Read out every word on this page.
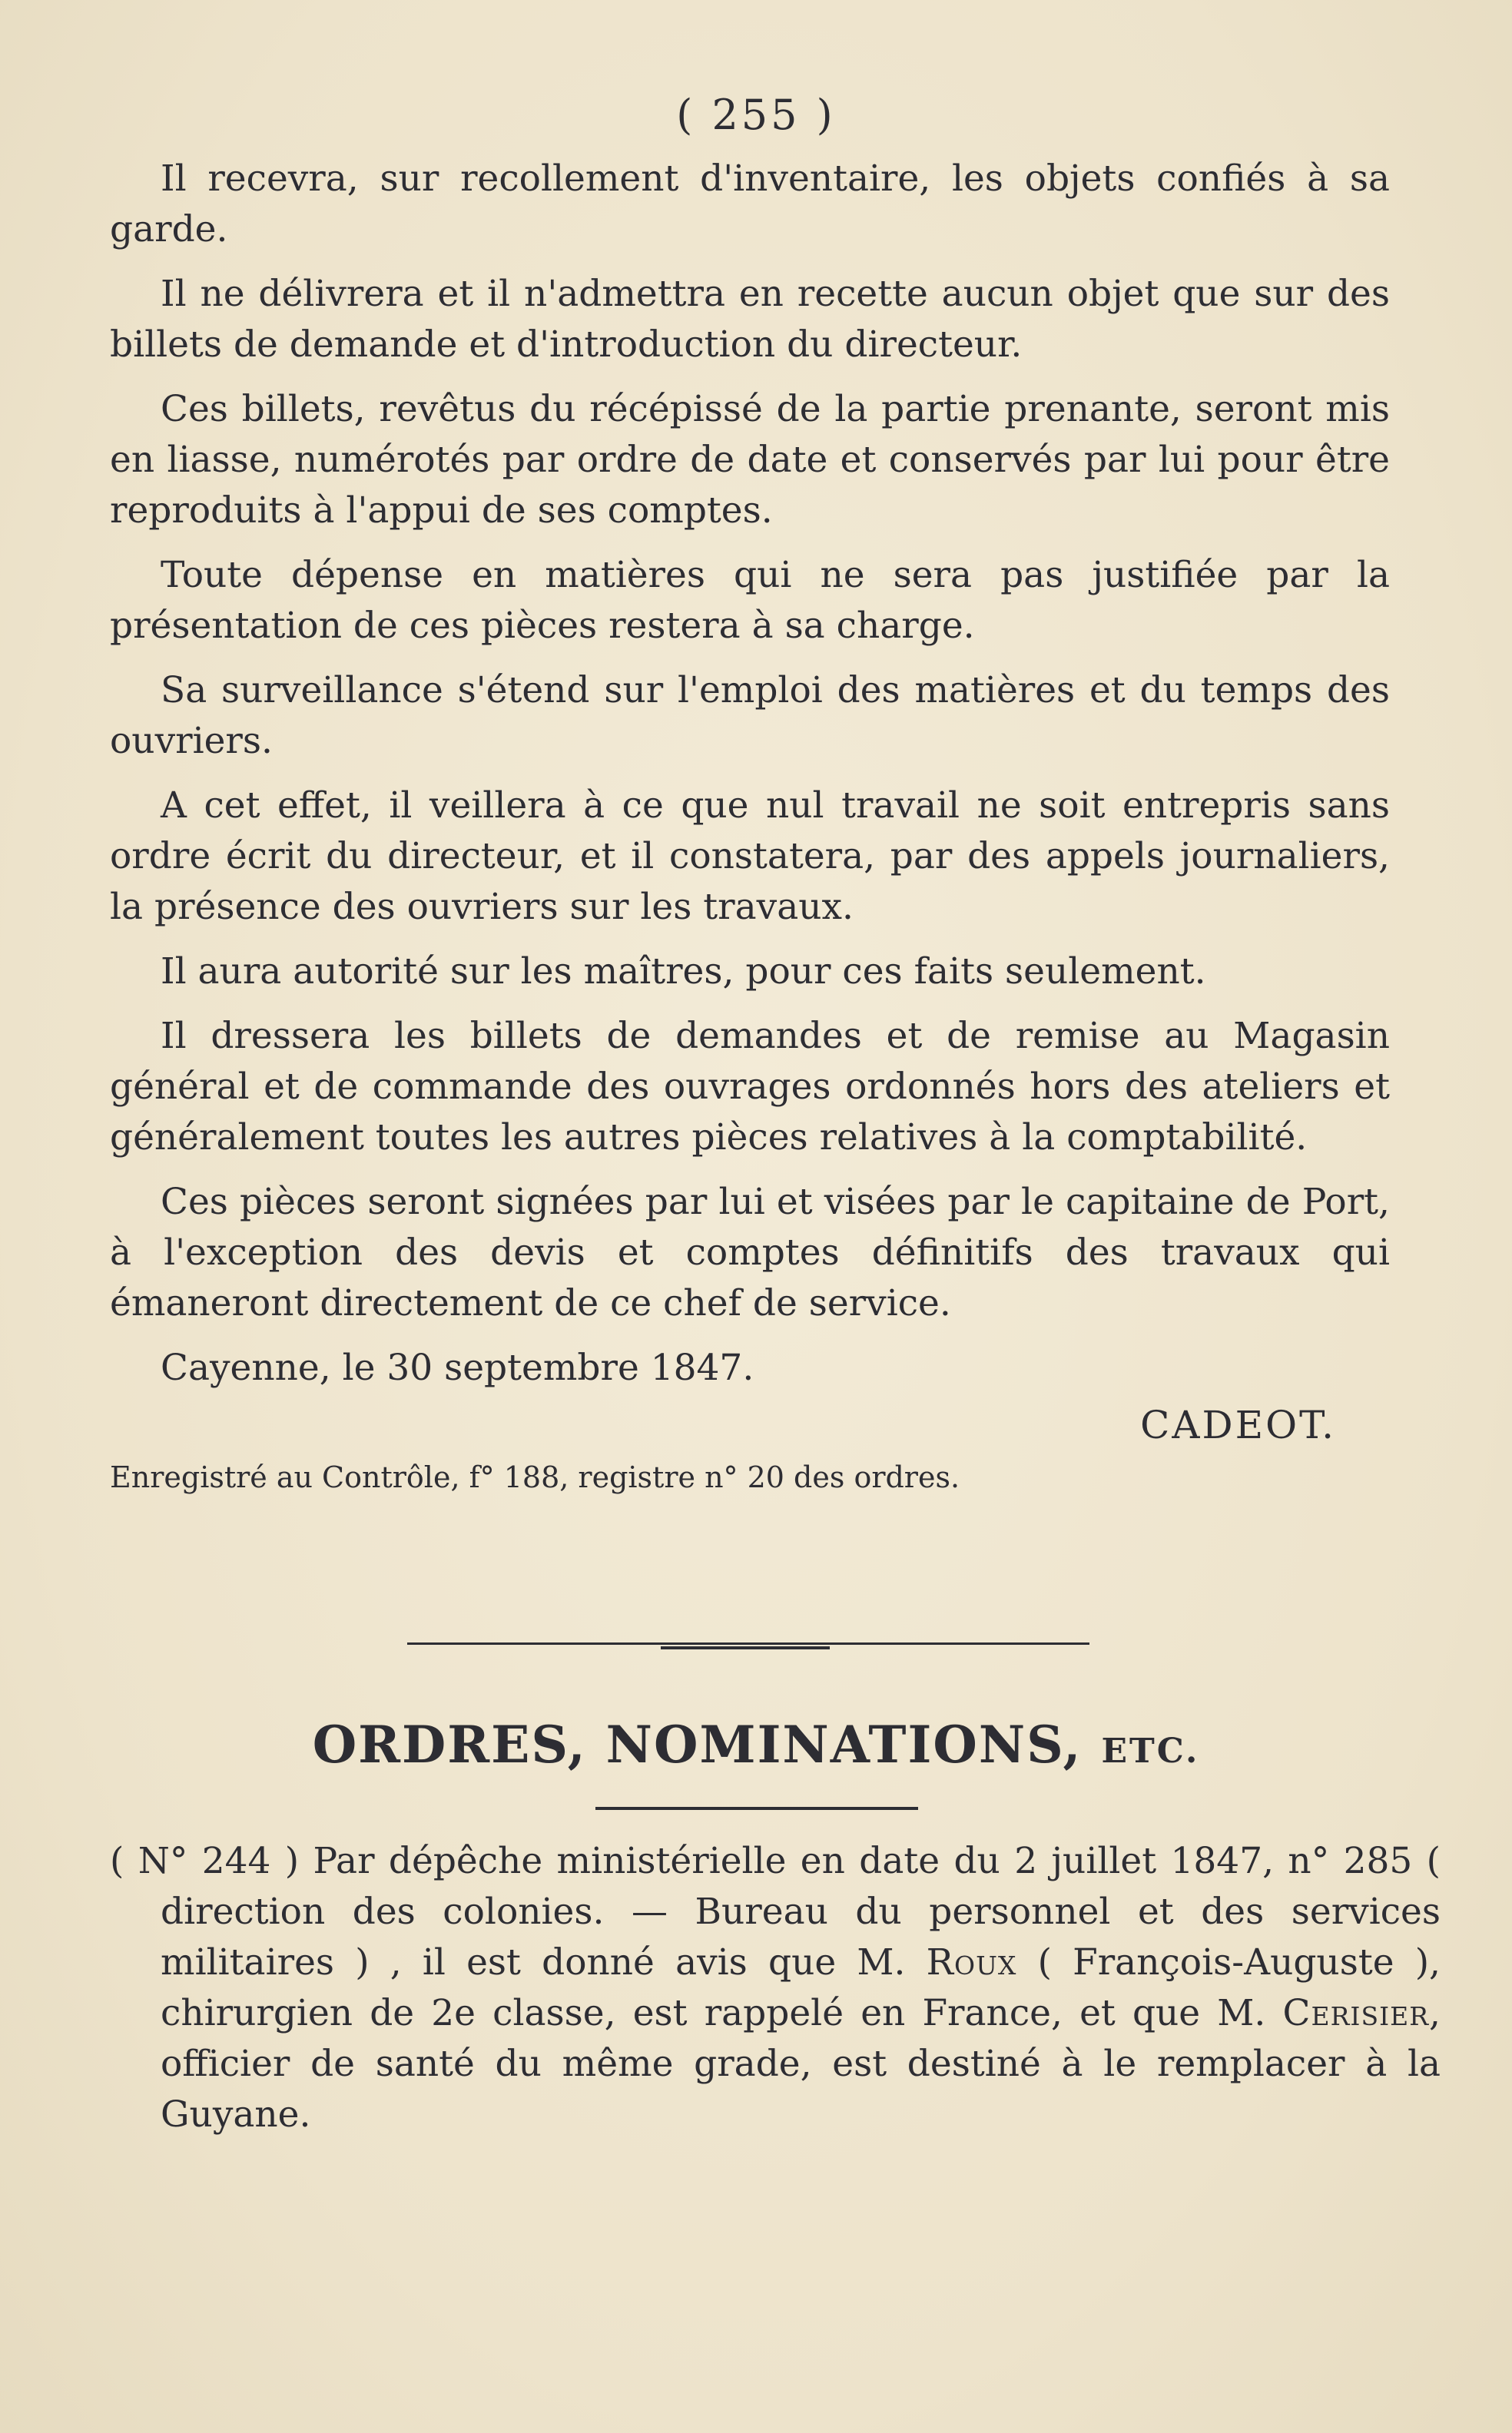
( 255 )

Il recevra, sur recollement d'inventaire, les objets confiés à sa garde.

Il ne délivrera et il n'admettra en recette aucun objet que sur des billets de demande et d'introduction du directeur.

Ces billets, revêtus du récépissé de la partie prenante, seront mis en liasse, numérotés par ordre de date et conservés par lui pour être reproduits à l'appui de ses comptes.

Toute dépense en matières qui ne sera pas justifiée par la présentation de ces pièces restera à sa charge.

Sa surveillance s'étend sur l'emploi des matières et du temps des ouvriers.

A cet effet, il veillera à ce que nul travail ne soit entrepris sans ordre écrit du directeur, et il constatera, par des appels journaliers, la présence des ouvriers sur les travaux.

Il aura autorité sur les maîtres, pour ces faits seulement.

Il dressera les billets de demandes et de remise au Magasin général et de commande des ouvrages ordonnés hors des ateliers et généralement toutes les autres pièces relatives à la comptabilité.

Ces pièces seront signées par lui et visées par le capitaine de Port, à l'exception des devis et comptes définitifs des travaux qui émaneront directement de ce chef de service.

Cayenne, le 30 septembre 1847.

CADEOT.
Enregistré au Contrôle, f° 188, registre n° 20 des ordres.
ORDRES, NOMINATIONS, ETC.
( N° 244 ) Par dépêche ministérielle en date du 2 juillet 1847, n° 285 ( direction des colonies. — Bureau du personnel et des services militaires ) , il est donné avis que M. Roux ( François-Auguste ), chirurgien de 2e classe, est rappelé en France, et que M. Cerisier, officier de santé du même grade, est destiné à le remplacer à la Guyane.
